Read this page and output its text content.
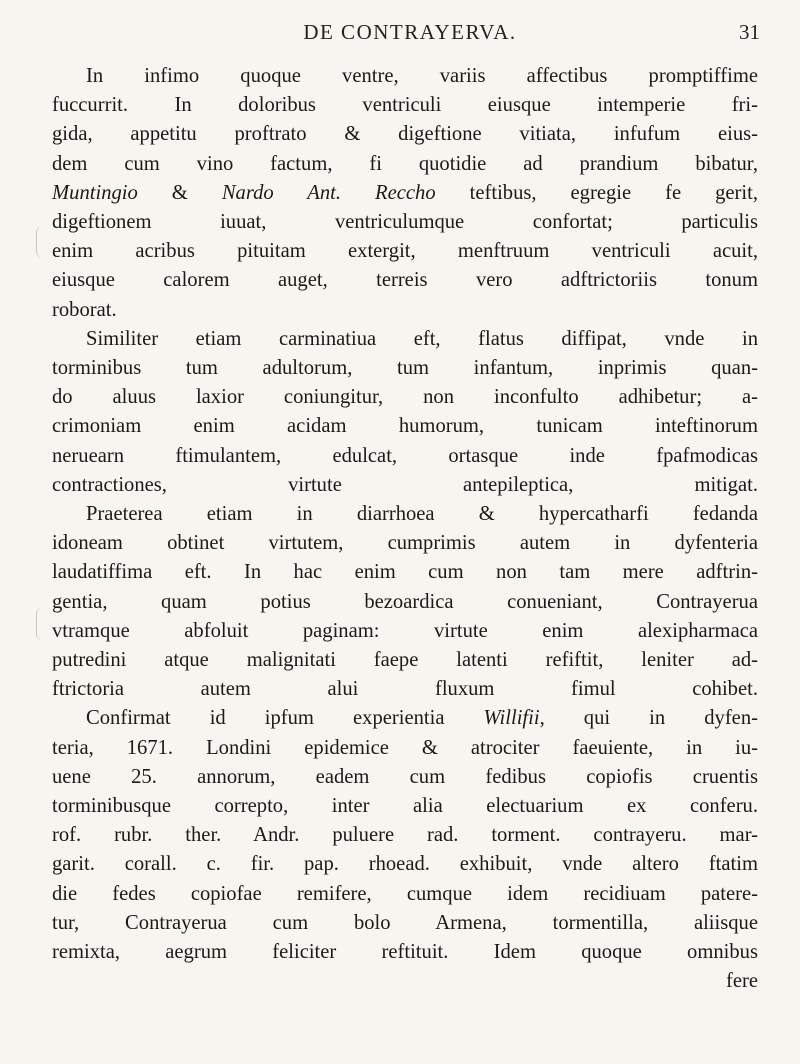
DE CONTRAYERVA.	31
In infimo quoque ventre, variis affectibus promptiffime
fuccurrit. In doloribus ventriculi eiusque intemperie fri-
gida, appetitu proftrato & digeftione vitiata, infufum eius-
dem cum vino factum, fi quotidie ad prandium bibatur,
Muntingio & Nardo Ant. Reccho teftibus, egregie fe gerit,
digeftionem iuuat, ventriculumque confortat; particulis
enim acribus pituitam extergit, menftruum ventriculi acuit,
eiusque calorem auget, terreis vero adftrictoriis tonum
roborat.
Similiter etiam carminatiua eft, flatus diffipat, vnde in
torminibus tum adultorum, tum infantum, inprimis quan-
do aluus laxior coniungitur, non inconfulto adhibetur; a-
crimoniam enim acidam humorum, tunicam inteftinorum
neruearn ftimulantem, edulcat, ortasque inde fpafmodicas
contractiones, virtute antepileptica, mitigat.
Praeterea etiam in diarrhoea & hypercatharfi fedanda
idoneam obtinet virtutem, cumprimis autem in dyfenteria
laudatiffima eft. In hac enim cum non tam mere adftrin-
gentia, quam potius bezoardica conueniant, Contrayerua
vtramque abfoluit paginam: virtute enim alexipharmaca
putredini atque malignitati faepe latenti refiftit, leniter ad-
ftrictoria autem alui fluxum fimul cohibet.
Confirmat id ipfum experientia Willifii, qui in dyfen-
teria, 1671. Londini epidemice & atrociter faeuiente, in iu-
uene 25. annorum, eadem cum fedibus copiofis cruentis
torminibusque correpto, inter alia electuarium ex conferu.
rof. rubr. ther. Andr. puluere rad. torment. contrayeru. mar-
garit. corall. c. fir. pap. rhoead. exhibuit, vnde altero ftatim
die fedes copiofae remifere, cumque idem recidiuam patere-
tur, Contrayerua cum bolo Armena, tormentilla, aliisque
remixta, aegrum feliciter reftituit. Idem quoque omnibus
fere
